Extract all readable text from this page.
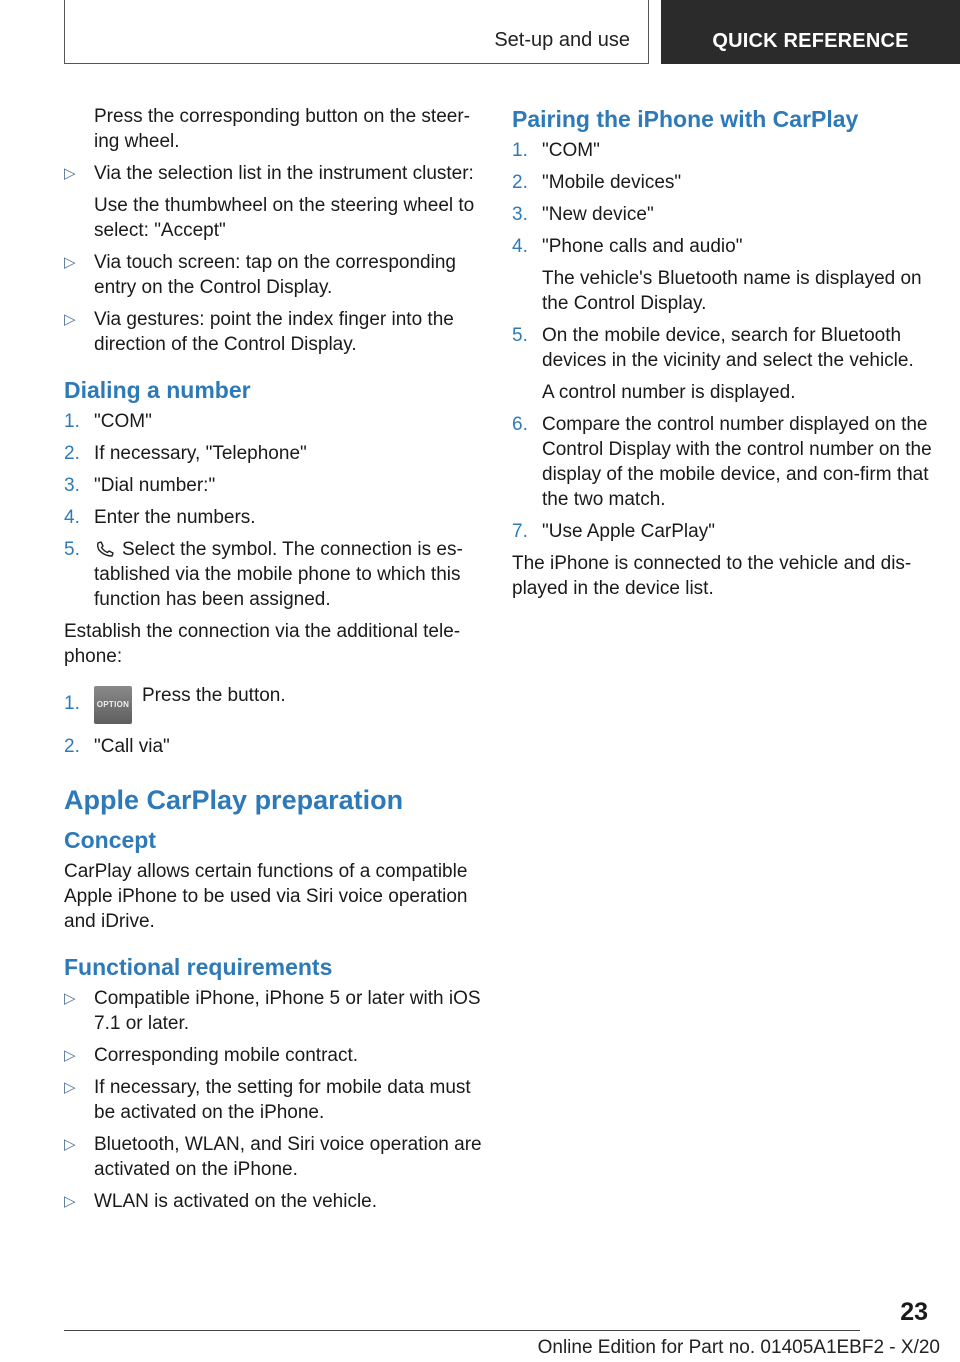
Set-up and use	QUICK REFERENCE

Press the corresponding button on the steer-ing wheel.

▷ Via the selection list in the instrument cluster:

Use the thumbwheel on the steering wheel to select: "Accept"

▷ Via touch screen: tap on the corresponding entry on the Control Display.
▷ Via gestures: point the index finger into the direction of the Control Display.
Dialing a number
1. "COM"
2. If necessary, "Telephone"
3. "Dial number:"
4. Enter the numbers.
5. Select the symbol. The connection is es-tablished via the mobile phone to which this function has been assigned.

Establish the connection via the additional tele-phone:

1. OPTION Press the button.
2. "Call via"
Apple CarPlay preparation
Concept

CarPlay allows certain functions of a compatible Apple iPhone to be used via Siri voice operation and iDrive.

Functional requirements
▷ Compatible iPhone, iPhone 5 or later with iOS 7.1 or later.
▷ Corresponding mobile contract.
▷ If necessary, the setting for mobile data must be activated on the iPhone.
▷ Bluetooth, WLAN, and Siri voice operation are activated on the iPhone.
▷ WLAN is activated on the vehicle.
Pairing the iPhone with CarPlay
1. "COM"
2. "Mobile devices"
3. "New device"
4. "Phone calls and audio"

The vehicle's Bluetooth name is displayed on the Control Display.

5. On the mobile device, search for Bluetooth devices in the vicinity and select the vehicle.

A control number is displayed.

6. Compare the control number displayed on the Control Display with the control number on the display of the mobile device, and con-firm that the two match.
7. "Use Apple CarPlay"

The iPhone is connected to the vehicle and dis-played in the device list.

23
Online Edition for Part no. 01405A1EBF2 - X/20
